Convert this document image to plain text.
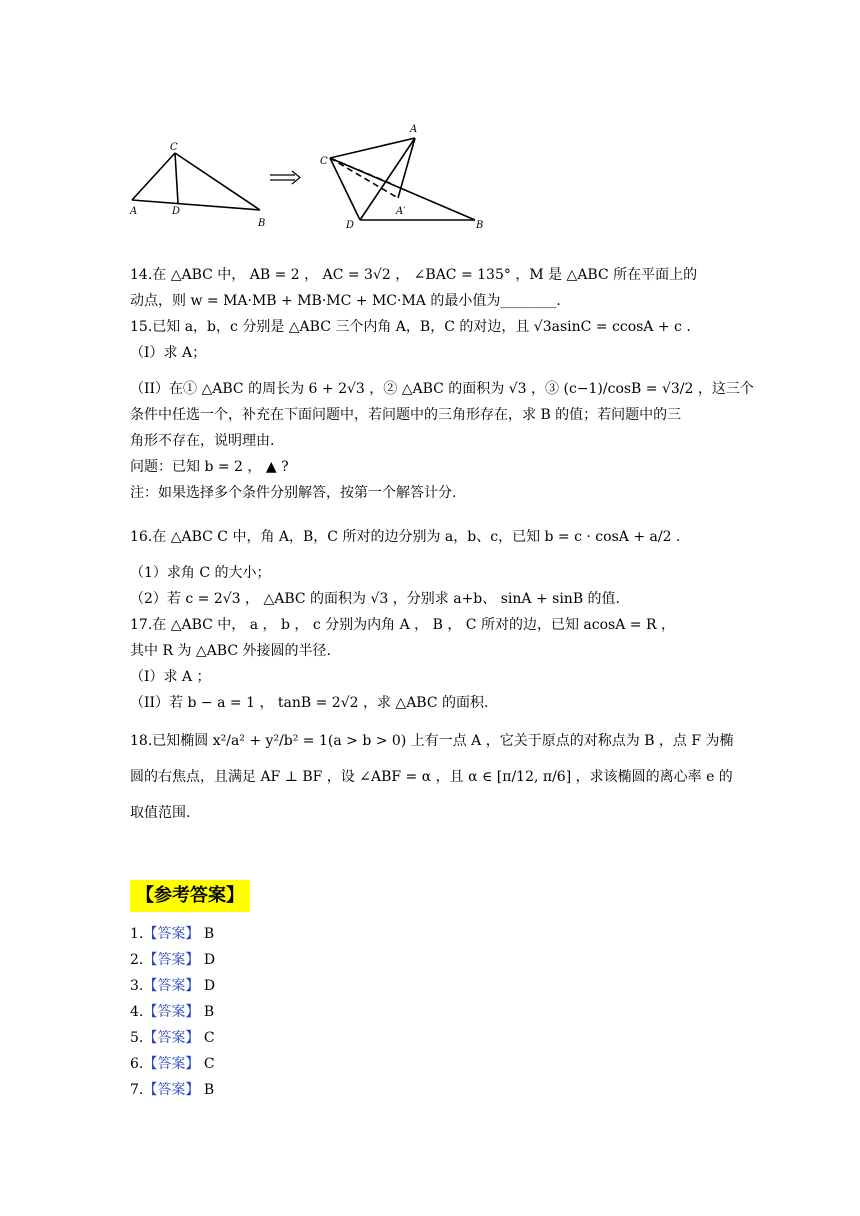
C
A	D
B
A
C
A′
D	B
14.在 △ABC 中， AB = 2 ， AC = 3√2 ， ∠BAC = 135° ，M 是 △ABC 所在平面上的
动点，则 w = MA·MB + MB·MC + MC·MA 的最小值为________.
15.已知 a，b，c 分别是 △ABC 三个内角 A，B，C 的对边，且 √3asinC = ccosA + c .
（I）求 A；
（II）在① △ABC 的周长为 6 + 2√3 ，② △ABC 的面积为 √3 ，③ (c−1)/cosB = √3/2 ，这三个
条件中任选一个，补充在下面问题中，若问题中的三角形存在，求 B 的值；若问题中的三
角形不存在，说明理由.
问题：已知 b = 2 ， ▲ ?
注：如果选择多个条件分别解答，按第一个解答计分.
16.在 △ABC C 中，角 A，B，C 所对的边分别为 a，b、c，已知 b = c · cosA + a/2 .
（1）求角 C 的大小；
（2）若 c = 2√3 ， △ABC 的面积为 √3 ，分别求 a+b、 sinA + sinB 的值.
17.在 △ABC 中， a ， b ， c 分别为内角 A ， B ， C 所对的边，已知 acosA = R ，
其中 R 为 △ABC 外接圆的半径.
（I）求 A ；
（II）若 b − a = 1 ， tanB = 2√2 ，求 △ABC 的面积.
18.已知椭圆 x²/a² + y²/b² = 1(a > b > 0) 上有一点 A ，它关于原点的对称点为 B ，点 F 为椭
圆的右焦点，且满足 AF ⊥ BF ，设 ∠ABF = α ，且 α ∈ [π/12, π/6] ，求该椭圆的离心率 e 的
取值范围.
【参考答案】
1.【答案】 B
2.【答案】 D
3.【答案】 D
4.【答案】 B
5.【答案】 C
6.【答案】 C
7.【答案】 B
